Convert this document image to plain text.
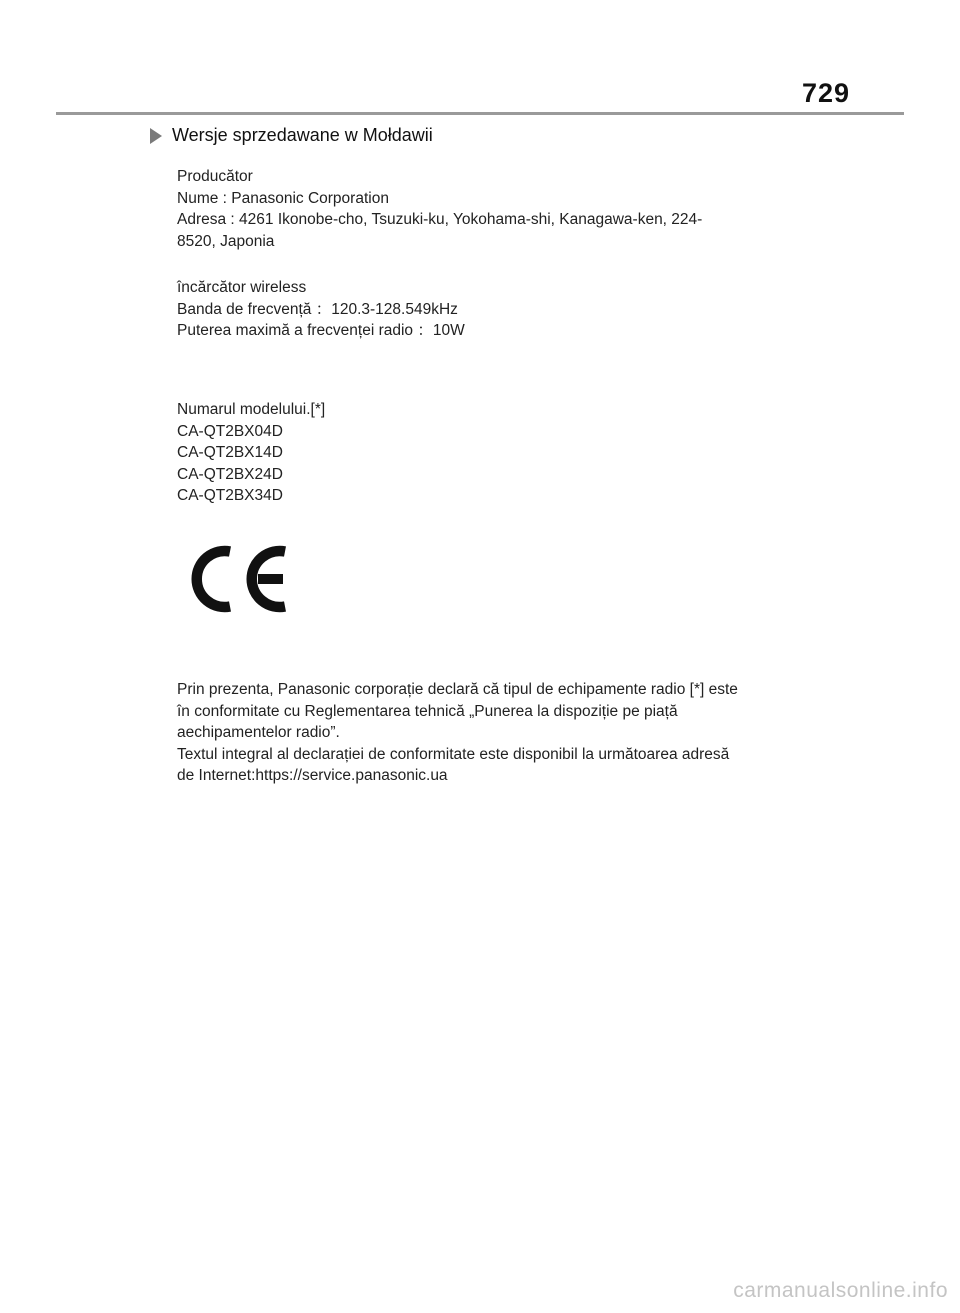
729
Wersje sprzedawane w Mołdawii

Producător

Nume : Panasonic Corporation

Adresa : 4261 Ikonobe-cho, Tsuzuki-ku, Yokohama-shi, Kanagawa-ken, 224-

8520, Japonia

încărcător wireless

Banda de frecvență ：120.3-128.549kHz

Puterea maximă a frecvenței radio ：10W

Numarul modelului.[*]

CA-QT2BX04D

CA-QT2BX14D

CA-QT2BX24D

CA-QT2BX34D

Prin prezenta, Panasonic corporație declară că tipul de echipamente radio [*] este

în conformitate cu Reglementarea tehnică „Punerea la dispoziție pe piață

aechipamentelor radio”.

Textul integral al declarației de conformitate este disponibil la următoarea adresă

de Internet:https://service.panasonic.ua

carmanualsonline.info
